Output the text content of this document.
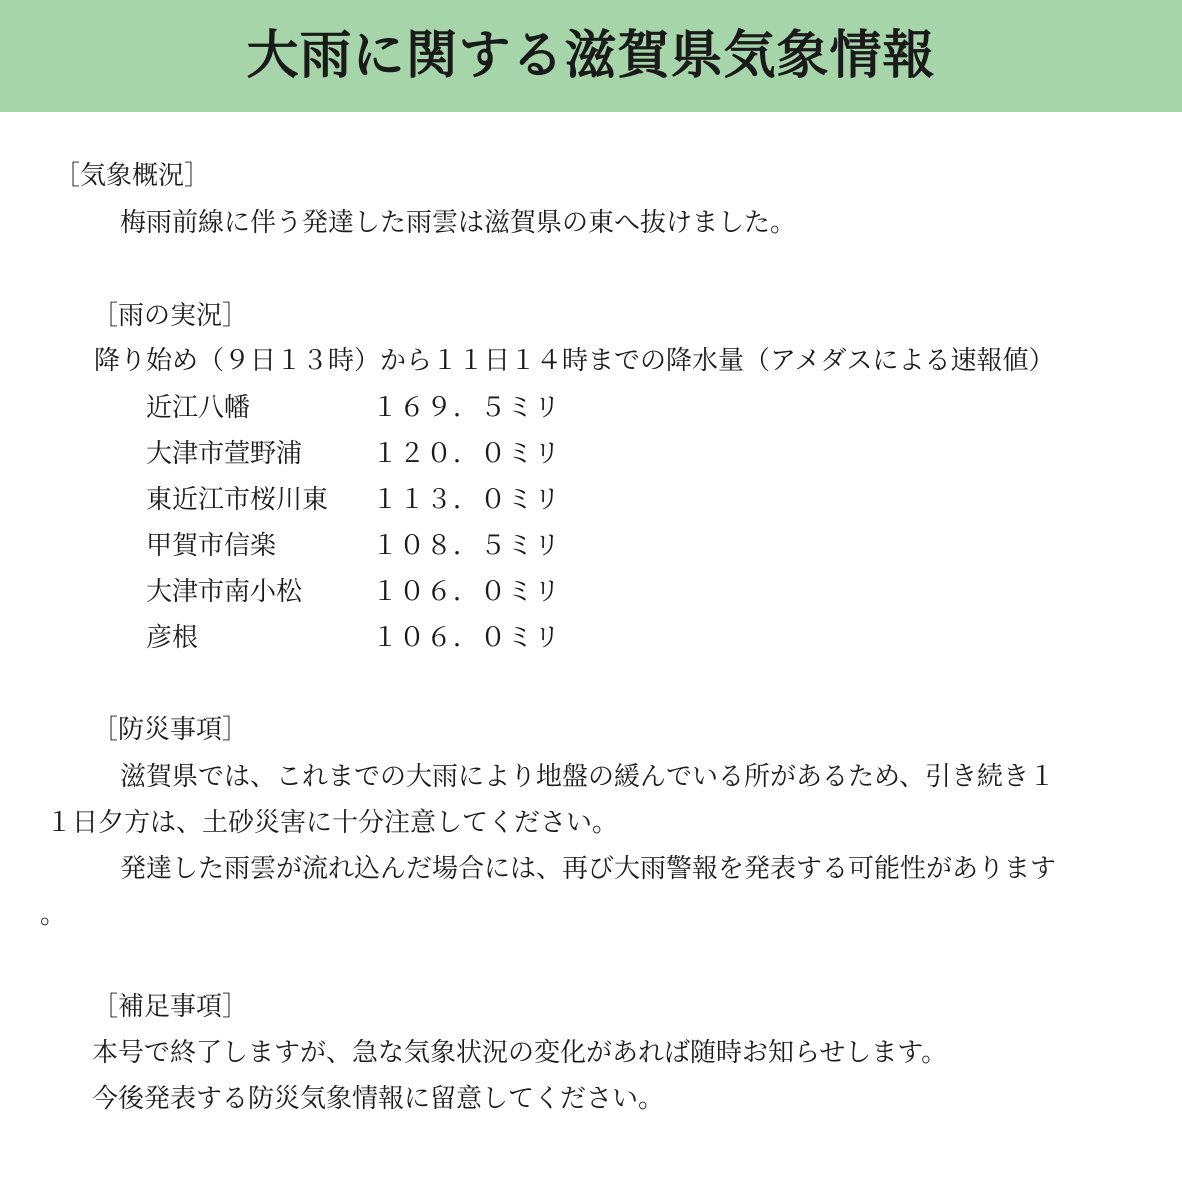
大雨に関する滋賀県気象情報
［気象概況］
　梅雨前線に伴う発達した雨雲は滋賀県の東へ抜けました。
［雨の実況］
降り始め（９日１３時）から１１日１４時までの降水量（アメダスによる速報値）
近江八幡	１６９．５ミリ
大津市萱野浦	１２０．０ミリ
東近江市桜川東 １１３．０ミリ
甲賀市信楽	１０８．５ミリ
大津市南小松	１０６．０ミリ
彦根	１０６．０ミリ
［防災事項］
　滋賀県では、これまでの大雨により地盤の緩んでいる所があるため、引き続き１
１日夕方は、土砂災害に十分注意してください。
　発達した雨雲が流れ込んだ場合には、再び大雨警報を発表する可能性があります
。
［補足事項］
本号で終了しますが、急な気象状況の変化があれば随時お知らせします。
今後発表する防災気象情報に留意してください。
